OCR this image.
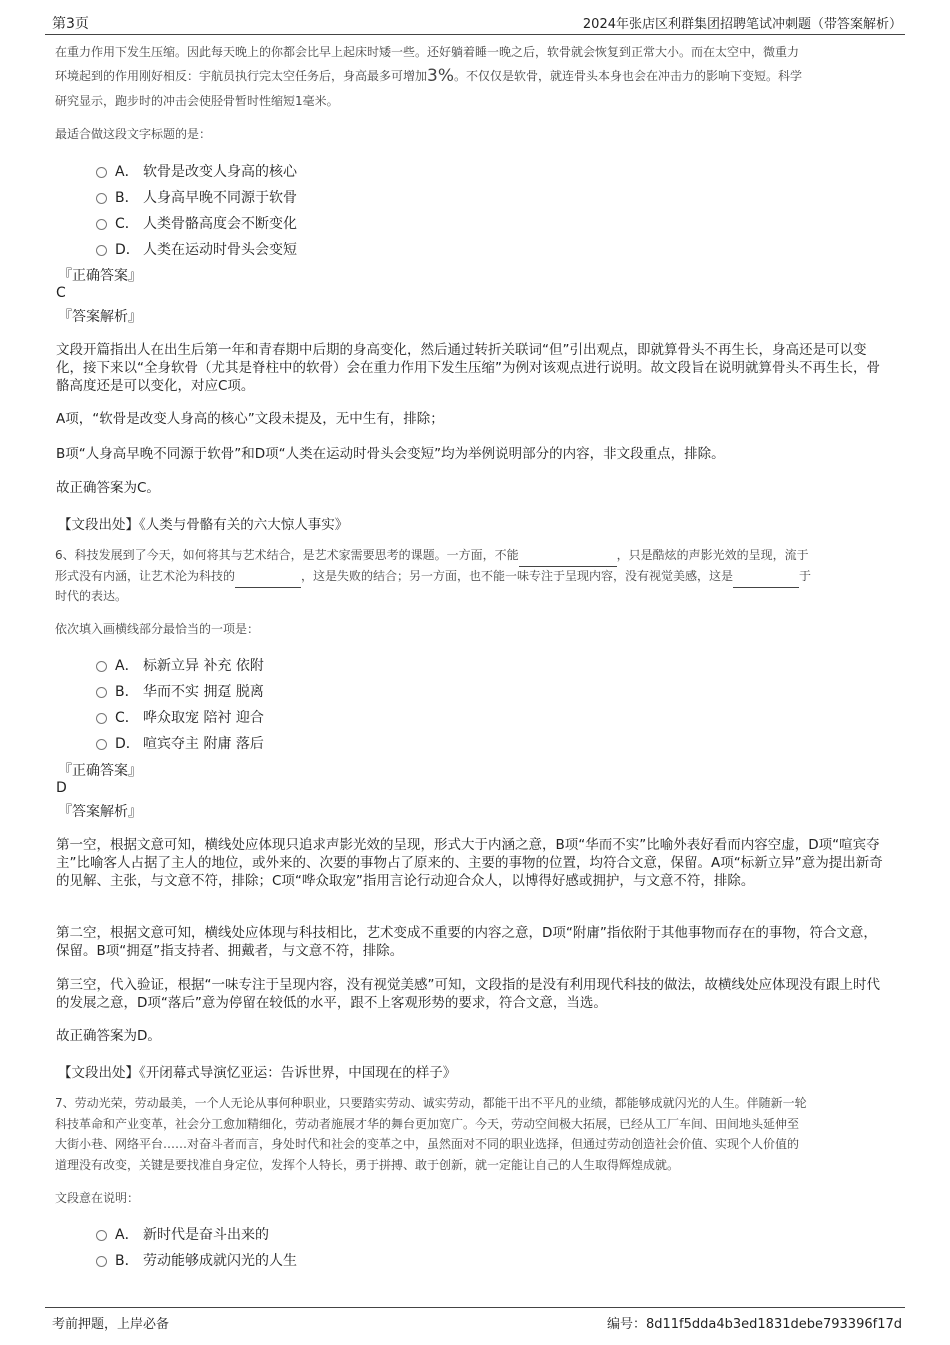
第3页	2024年张店区利群集团招聘笔试冲刺题（带答案解析）
在重力作用下发生压缩。因此每天晚上的你都会比早上起床时矮一些。还好躺着睡一晚之后，软骨就会恢复到正常大小。而在太空中，微重力
环境起到的作用刚好相反：宇航员执行完太空任务后，身高最多可增加3%。不仅仅是软骨，就连骨头本身也会在冲击力的影响下变短。科学
研究显示，跑步时的冲击会使胫骨暂时性缩短1毫米。
最适合做这段文字标题的是：
A． 软骨是改变人身高的核心
B． 人身高早晚不同源于软骨
C． 人类骨骼高度会不断变化
D． 人类在运动时骨头会变短
『正确答案』
C
『答案解析』
文段开篇指出人在出生后第一年和青春期中后期的身高变化，然后通过转折关联词“但”引出观点，即就算骨头不再生长，身高还是可以变化，接下来以“全身软骨（尤其是脊柱中的软骨）会在重力作用下发生压缩”为例对该观点进行说明。故文段旨在说明就算骨头不再生长，骨骼高度还是可以变化，对应C项。
A项，“软骨是改变人身高的核心”文段未提及，无中生有，排除；
B项“人身高早晚不同源于软骨”和D项“人类在运动时骨头会变短”均为举例说明部分的内容，非文段重点，排除。
故正确答案为C。
【文段出处】《人类与骨骼有关的六大惊人事实》
6、科技发展到了今天，如何将其与艺术结合，是艺术家需要思考的课题。一方面，不能	，只是酷炫的声影光效的呈现，流于
形式没有内涵，让艺术沦为科技的	，这是失败的结合；另一方面，也不能一味专注于呈现内容，没有视觉美感，这是	于
时代的表达。
依次填入画横线部分最恰当的一项是：
A． 标新立异 补充 依附
B． 华而不实 拥趸 脱离
C． 哗众取宠 陪衬 迎合
D． 喧宾夺主 附庸 落后
『正确答案』
D
『答案解析』
第一空，根据文意可知，横线处应体现只追求声影光效的呈现，形式大于内涵之意，B项“华而不实”比喻外表好看而内容空虚，D项“喧宾夺主”比喻客人占据了主人的地位，或外来的、次要的事物占了原来的、主要的事物的位置，均符合文意，保留。A项“标新立异”意为提出新奇的见解、主张，与文意不符，排除；C项“哗众取宠”指用言论行动迎合众人，以博得好感或拥护，与文意不符，排除。
第二空，根据文意可知，横线处应体现与科技相比，艺术变成不重要的内容之意，D项“附庸”指依附于其他事物而存在的事物，符合文意，保留。B项“拥趸”指支持者、拥戴者，与文意不符，排除。
第三空，代入验证，根据“一味专注于呈现内容，没有视觉美感”可知，文段指的是没有利用现代科技的做法，故横线处应体现没有跟上时代的发展之意，D项“落后”意为停留在较低的水平，跟不上客观形势的要求，符合文意，当选。
故正确答案为D。
【文段出处】《开闭幕式导演忆亚运：告诉世界，中国现在的样子》
7、劳动光荣，劳动最美，一个人无论从事何种职业，只要踏实劳动、诚实劳动，都能干出不平凡的业绩，都能够成就闪光的人生。伴随新一轮
科技革命和产业变革，社会分工愈加精细化，劳动者施展才华的舞台更加宽广。今天，劳动空间极大拓展，已经从工厂车间、田间地头延伸至
大街小巷、网络平台……对奋斗者而言，身处时代和社会的变革之中，虽然面对不同的职业选择，但通过劳动创造社会价值、实现个人价值的
道理没有改变，关键是要找准自身定位，发挥个人特长，勇于拼搏、敢于创新，就一定能让自己的人生取得辉煌成就。
文段意在说明：
A． 新时代是奋斗出来的
B． 劳动能够成就闪光的人生
考前押题，上岸必备	编号：8d11f5dda4b3ed1831debe793396f17d
